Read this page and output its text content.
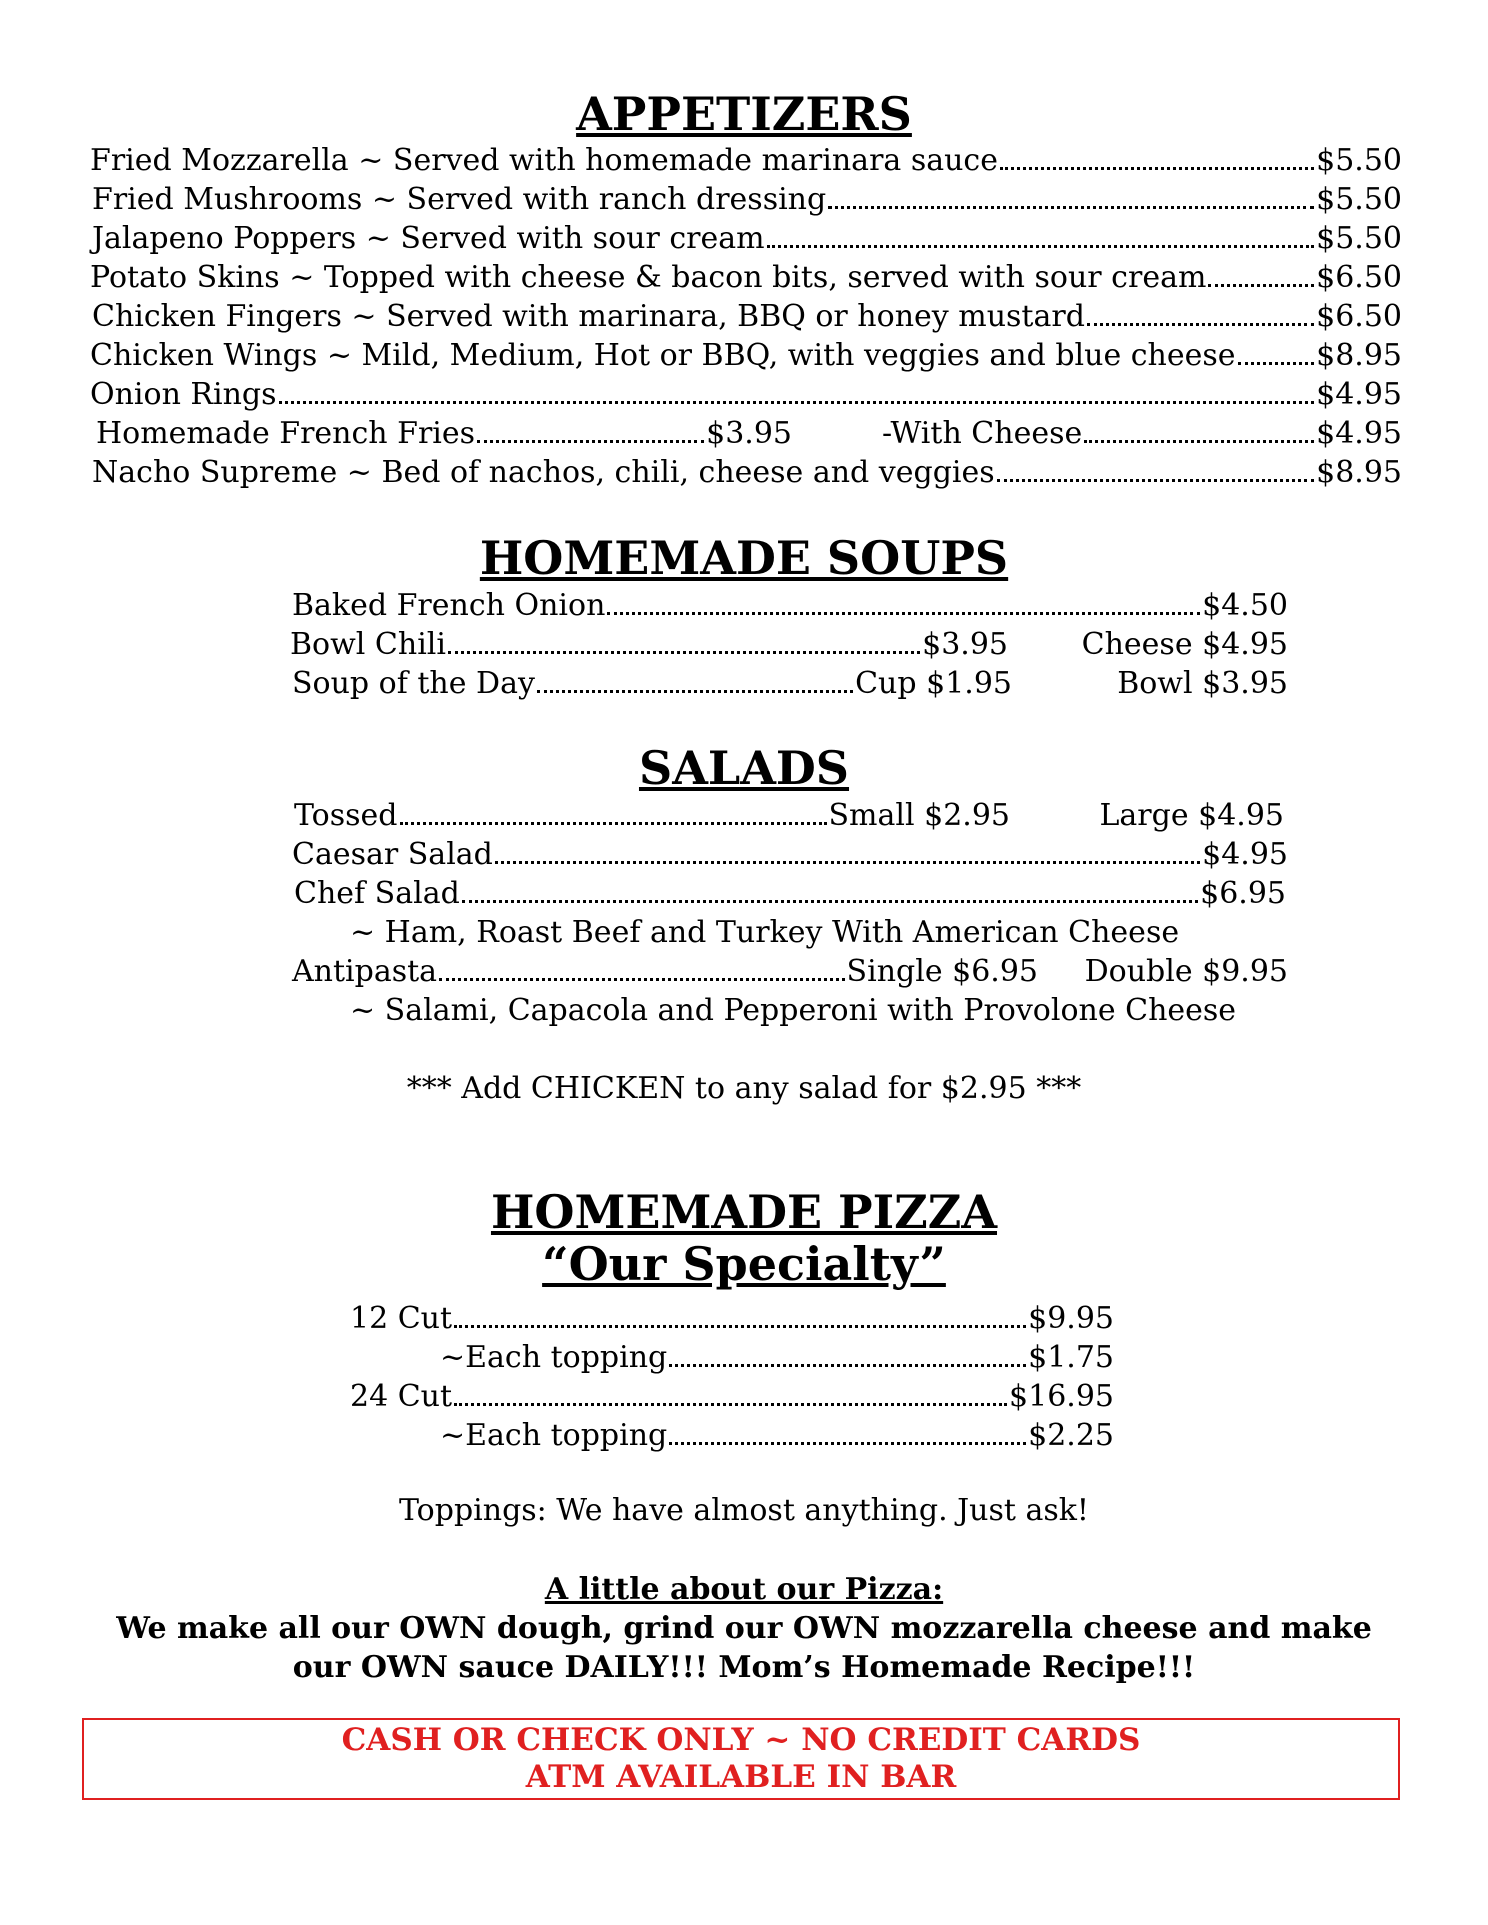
APPETIZERS
Fried Mozzarella ~ Served with homemade marinara sauce	$5.50
Fried Mushrooms ~ Served with ranch dressing	$5.50
Jalapeno Poppers ~ Served with sour cream	$5.50
Potato Skins ~ Topped with cheese & bacon bits, served with sour cream	$6.50
Chicken Fingers ~ Served with marinara, BBQ or honey mustard	$6.50
Chicken Wings ~ Mild, Medium, Hot or BBQ, with veggies and blue cheese	$8.95
Onion Rings	$4.95
Homemade French Fries	$3.95	-With Cheese	$4.95
Nacho Supreme ~ Bed of nachos, chili, cheese and veggies	$8.95
HOMEMADE SOUPS
Baked French Onion	$4.50
Bowl Chili	$3.95 Cheese $4.95
Soup of the Day	Cup $1.95	Bowl $3.95
SALADS
Tossed	Small $2.95	Large $4.95
Caesar Salad	$4.95
Chef Salad	$6.95
~ Ham, Roast Beef and Turkey With American Cheese
Antipasta	Single $6.95 Double $9.95
~ Salami, Capacola and Pepperoni with Provolone Cheese
*** Add CHICKEN to any salad for $2.95 ***
HOMEMADE PIZZA
“Our Specialty”
12 Cut	$9.95
~Each topping	$1.75
24 Cut	$16.95
~Each topping	$2.25
Toppings: We have almost anything. Just ask!
A little about our Pizza:
We make all our OWN dough, grind our OWN mozzarella cheese and make
our OWN sauce DAILY!!! Mom’s Homemade Recipe!!!
CASH OR CHECK ONLY ~ NO CREDIT CARDS
ATM AVAILABLE IN BAR
